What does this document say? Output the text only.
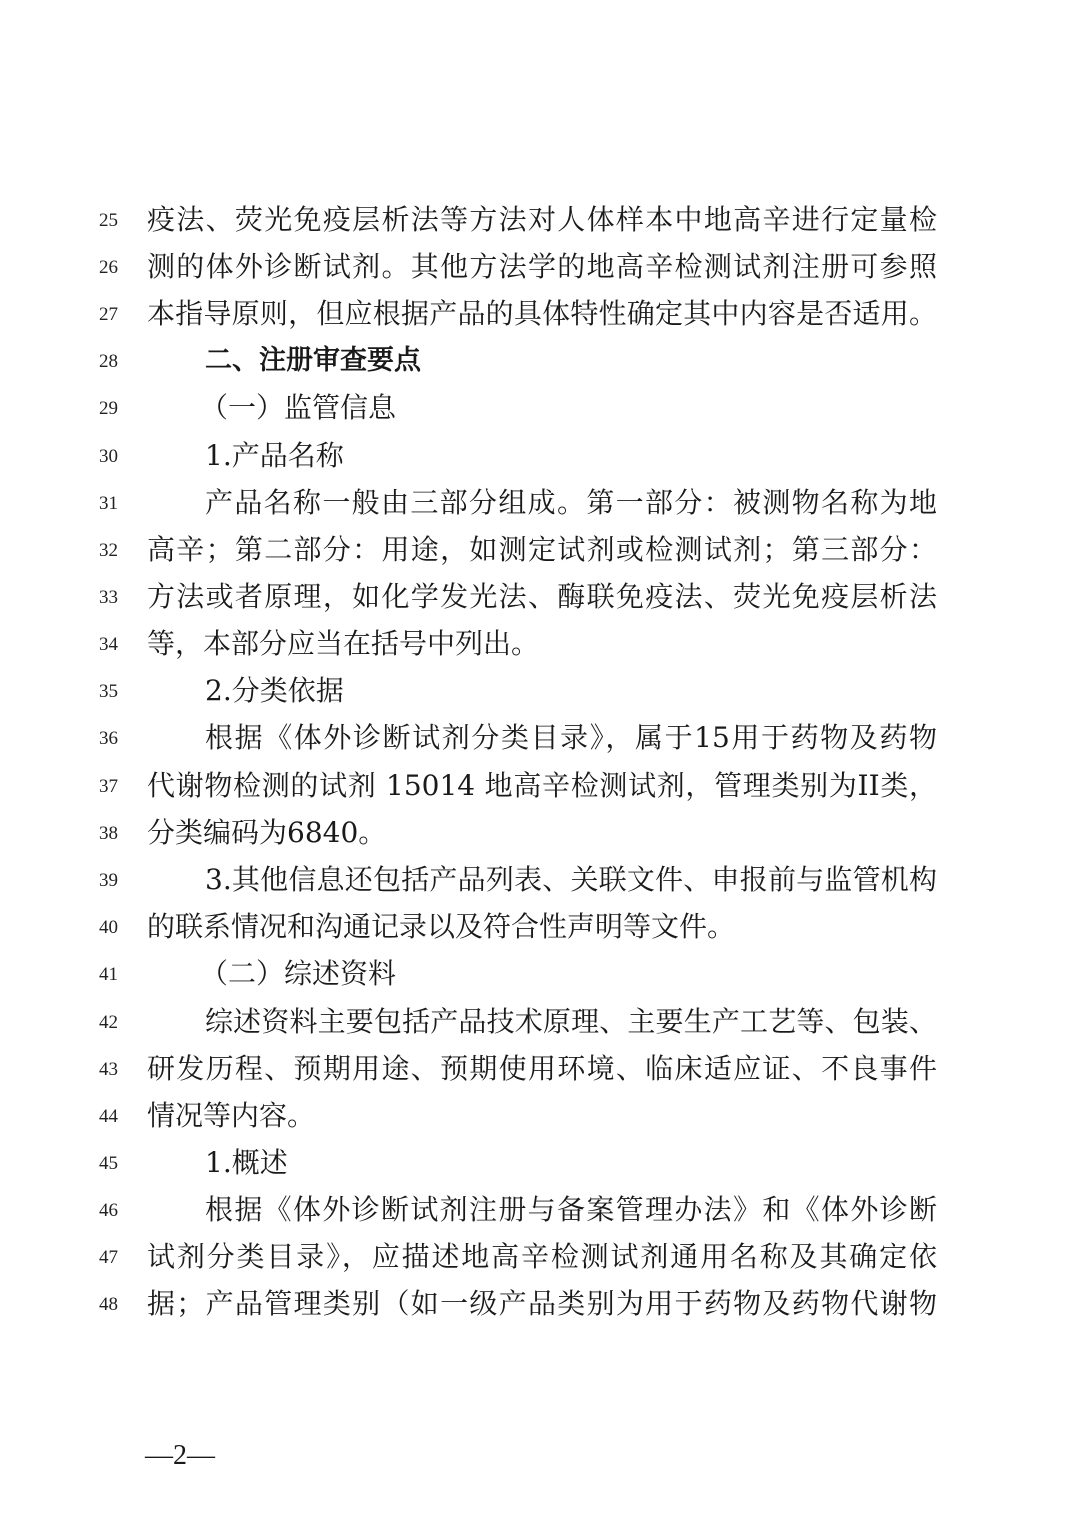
25 疫法、荧光免疫层析法等方法对人体样本中地高辛进行定量检
26 测的体外诊断试剂。其他方法学的地高辛检测试剂注册可参照
27 本指导原则，但应根据产品的具体特性确定其中内容是否适用。
28	二、注册审查要点
29	（一）监管信息
30	1.产品名称
31	产品名称一般由三部分组成。第一部分：被测物名称为地
32 高辛；第二部分：用途，如测定试剂或检测试剂；第三部分：
33 方法或者原理，如化学发光法、酶联免疫法、荧光免疫层析法
34 等，本部分应当在括号中列出。
35	2.分类依据
36	根据《体外诊断试剂分类目录》，属于15用于药物及药物
37 代谢物检测的试剂 15014 地高辛检测试剂，管理类别为II类，
38 分类编码为6840。
39	3.其他信息还包括产品列表、关联文件、申报前与监管机构
40 的联系情况和沟通记录以及符合性声明等文件。
41	（二）综述资料
42	综述资料主要包括产品技术原理、主要生产工艺等、包装、
43 研发历程、预期用途、预期使用环境、临床适应证、不良事件
44 情况等内容。
45	1.概述
46	根据《体外诊断试剂注册与备案管理办法》和《体外诊断
47 试剂分类目录》，应描述地高辛检测试剂通用名称及其确定依
48 据；产品管理类别（如一级产品类别为用于药物及药物代谢物
—2—
